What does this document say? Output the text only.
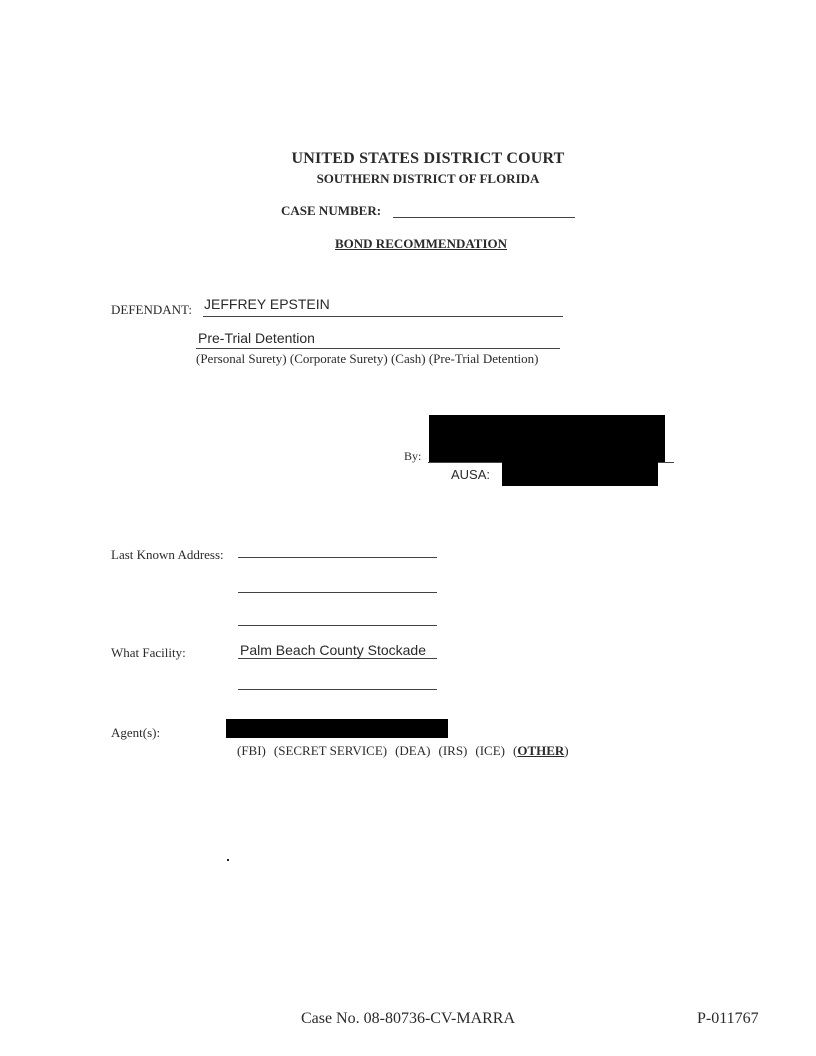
UNITED STATES DISTRICT COURT
SOUTHERN DISTRICT OF FLORIDA
CASE NUMBER:
BOND RECOMMENDATION
DEFENDANT: JEFFREY EPSTEIN
Pre-Trial Detention
(Personal Surety) (Corporate Surety) (Cash) (Pre-Trial Detention)
By:
AUSA:
Last Known Address:
What Facility:	Palm Beach County Stockade
Agent(s):
(FBI) (SECRET SERVICE) (DEA) (IRS) (ICE) (OTHER)
Case No. 08-80736-CV-MARRA	P-011767
